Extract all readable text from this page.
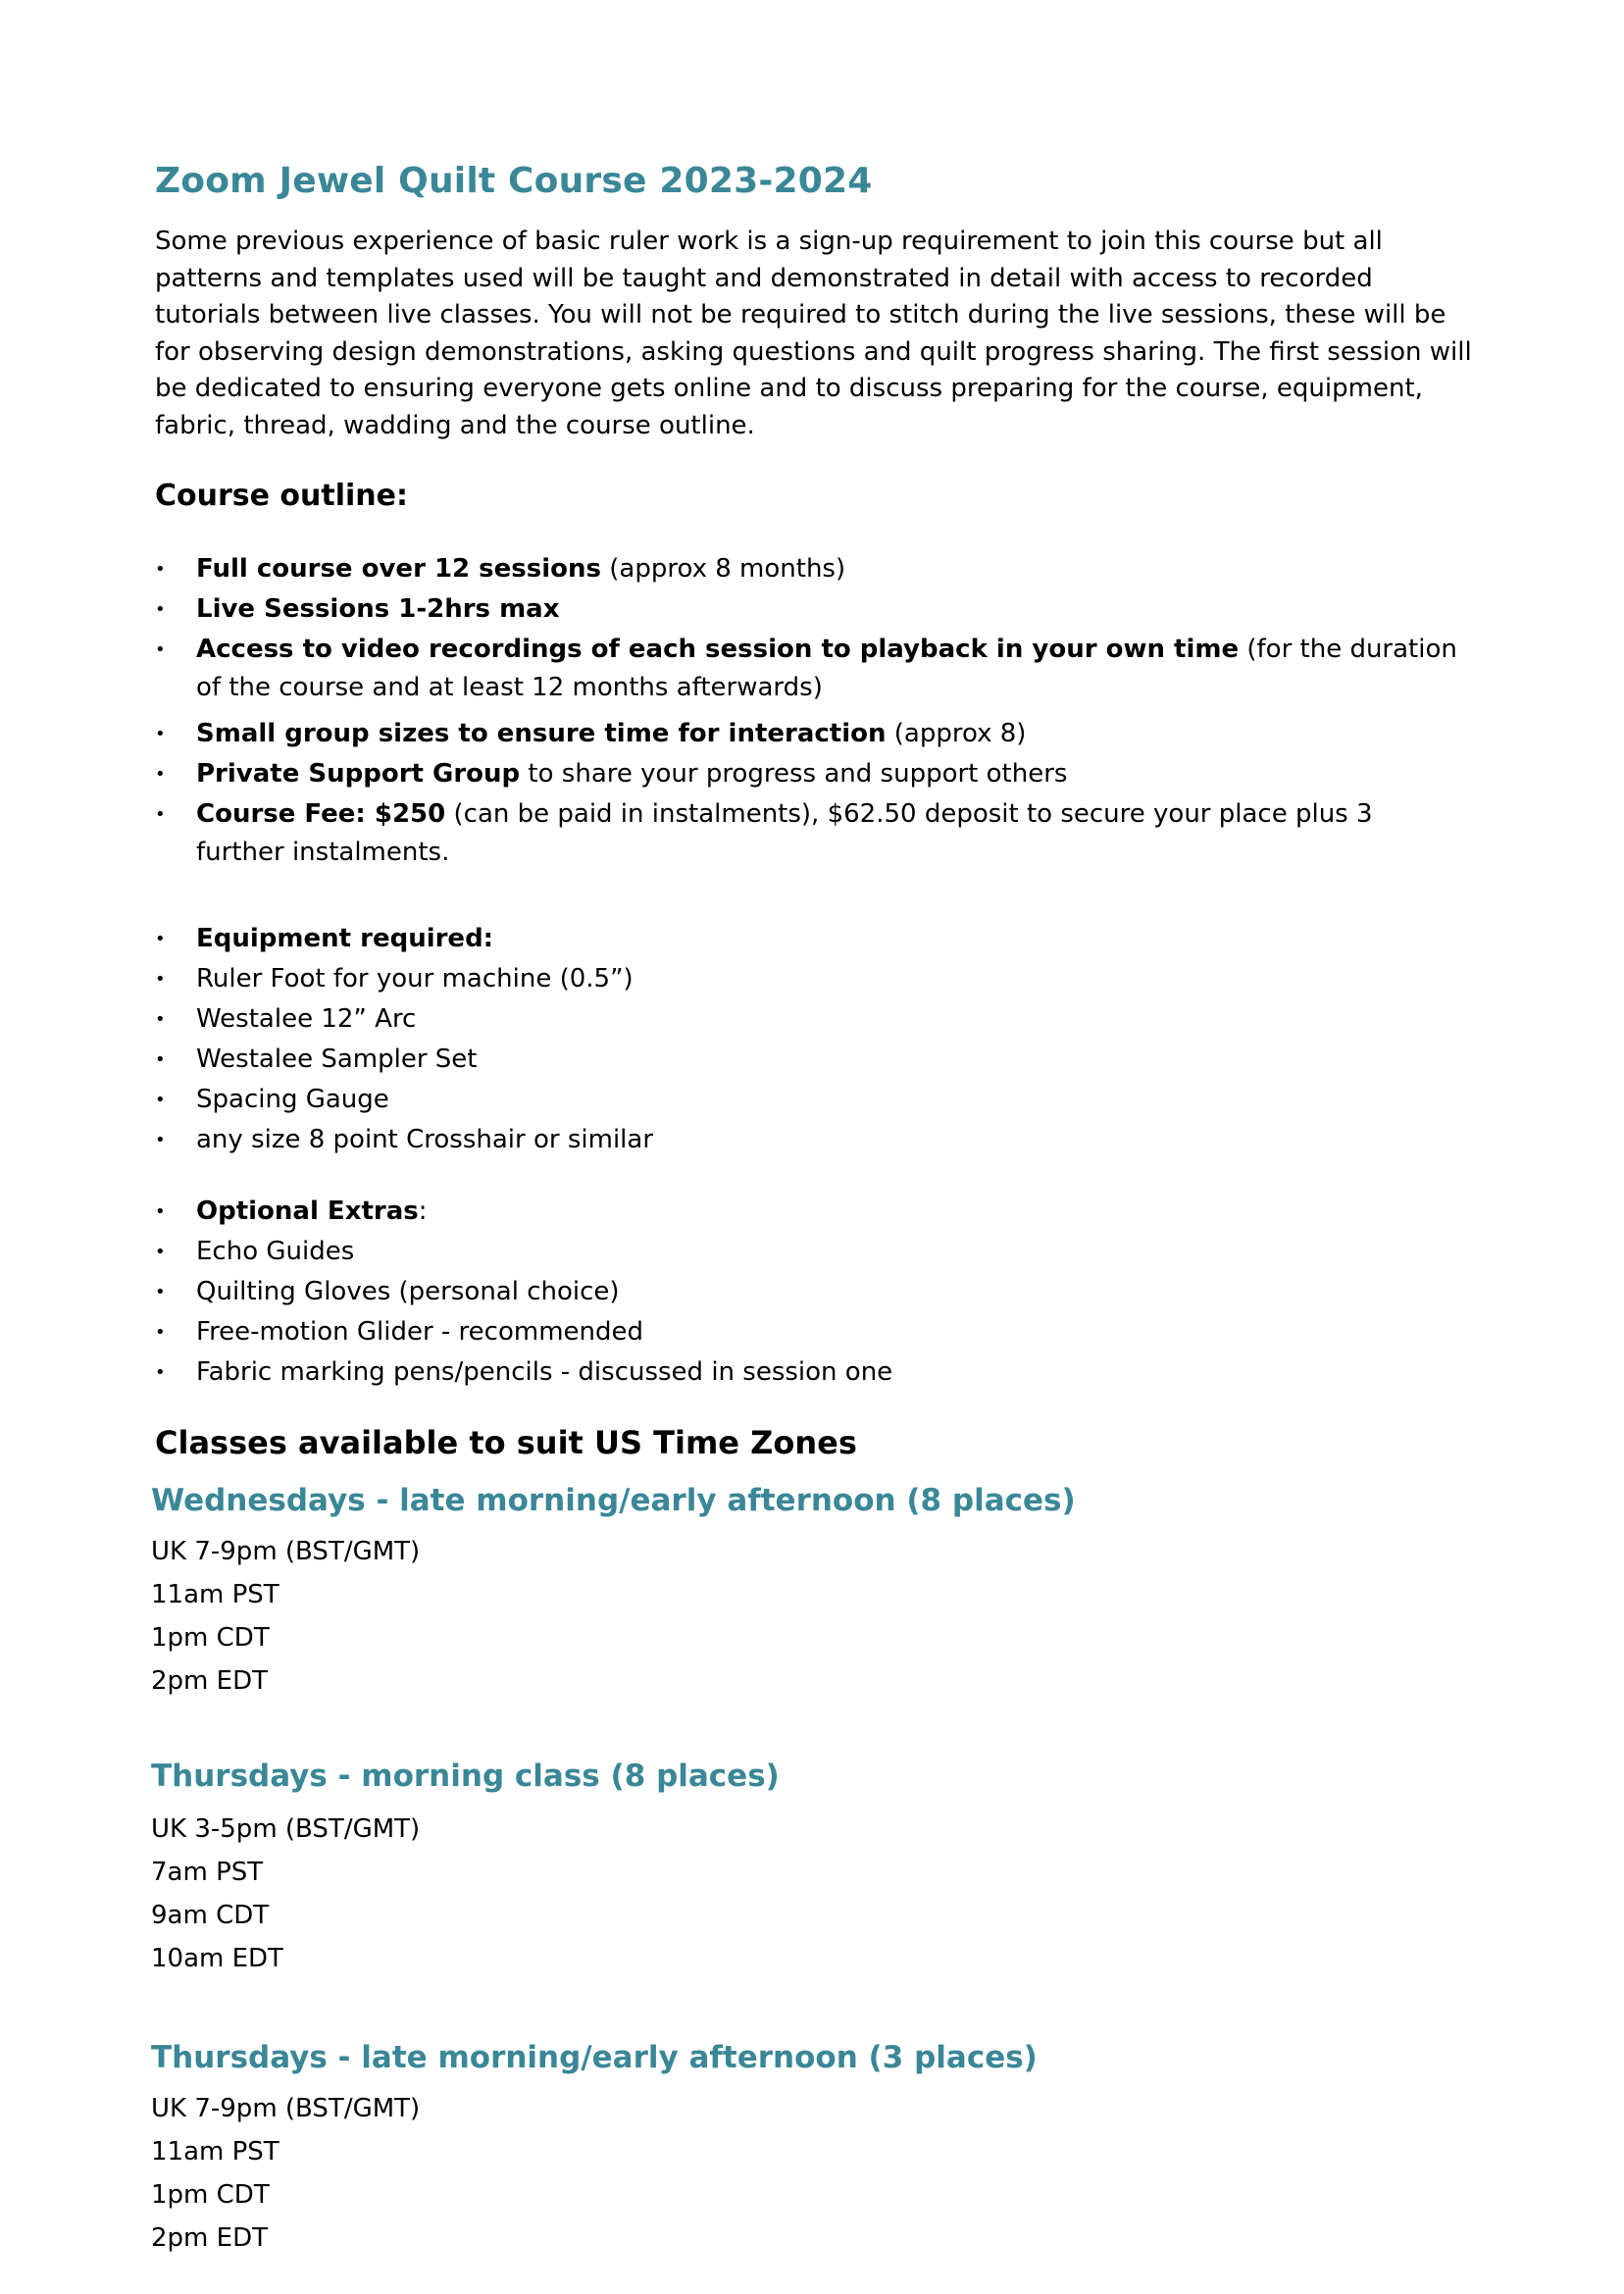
Zoom Jewel Quilt Course 2023-2024

Some previous experience of basic ruler work is a sign-up requirement to join this course but all patterns and templates used will be taught and demonstrated in detail with access to recorded tutorials between live classes. You will not be required to stitch during the live sessions, these will be for observing design demonstrations, asking questions and quilt progress sharing. The first session will be dedicated to ensuring everyone gets online and to discuss preparing for the course, equipment, fabric, thread, wadding and the course outline.

Course outline:
•	Full course over 12 sessions (approx 8 months)
•	Live Sessions 1-2hrs max
•	Access to video recordings of each session to playback in your own time (for the duration of the course and at least 12 months afterwards)
•	Small group sizes to ensure time for interaction (approx 8)
•	Private Support Group to share your progress and support others
•	Course Fee: $250 (can be paid in instalments), $62.50 deposit to secure your place plus 3 further instalments.
•	Equipment required:
•	Ruler Foot for your machine (0.5”)
•	Westalee 12” Arc
•	Westalee Sampler Set
•	Spacing Gauge
•	any size 8 point Crosshair or similar
•	Optional Extras:
•	Echo Guides
•	Quilting Gloves (personal choice)
•	Free-motion Glider - recommended
•	Fabric marking pens/pencils - discussed in session one
Classes available to suit US Time Zones
Wednesdays - late morning/early afternoon (8 places)
UK 7-9pm (BST/GMT)
11am PST
1pm CDT
2pm EDT
Thursdays - morning class (8 places)
UK 3-5pm (BST/GMT)
7am PST
9am CDT
10am EDT
Thursdays - late morning/early afternoon (3 places)
UK 7-9pm (BST/GMT)
11am PST
1pm CDT
2pm EDT
